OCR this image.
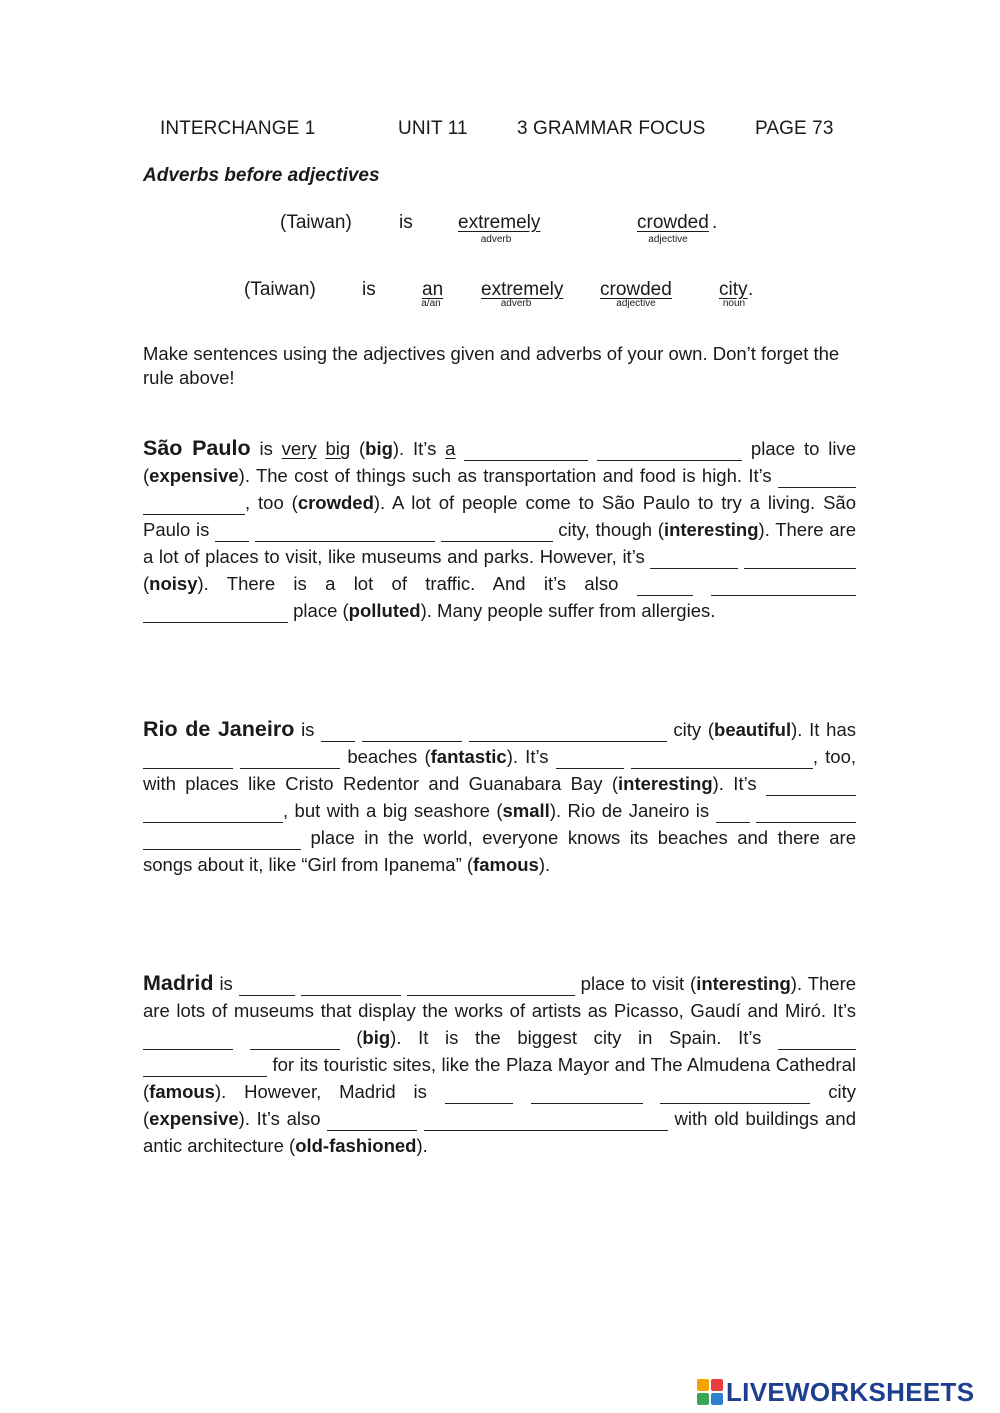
INTERCHANGE 1	UNIT 11	3 GRAMMAR FOCUS	PAGE 73
Adverbs before adjectives
(Taiwan) is extremely
adverb
crowded .
adjective
(Taiwan) is an
a/an
extremely
adverb
crowded
adjective
city .
noun
Make sentences using the adjectives given and adverbs of your own. Don’t forget the rule above!
São Paulo is very big (big). It’s a	place to live (expensive). The cost of things such as transportation and food is high. It’s  , too (crowded). A lot of people come to São Paulo to try a living. São Paulo is	city, though (interesting). There are a lot of places to visit, like museums and parks. However, it’s   (noisy). There is a lot of traffic. And it’s also    place (polluted). Many people suffer from allergies.
Rio de Janeiro is	city (beautiful). It has   beaches (fantastic). It’s	, too, with places like Cristo Redentor and Guanabara Bay (interesting). It’s  , but with a big seashore (small). Rio de Janeiro is    place in the world, everyone knows its beaches and there are songs about it, like “Girl from Ipanema” (famous).
Madrid is	place to visit (interesting). There are lots of museums that display the works of artists as Picasso, Gaudí and Miró. It’s   (big). It is the biggest city in Spain. It’s   for its touristic sites, like the Plaza Mayor and The Almudena Cathedral (famous). However, Madrid is	city (expensive). It’s also	with old buildings and antic architecture (old-fashioned).
LIVEWORKSHEETS
